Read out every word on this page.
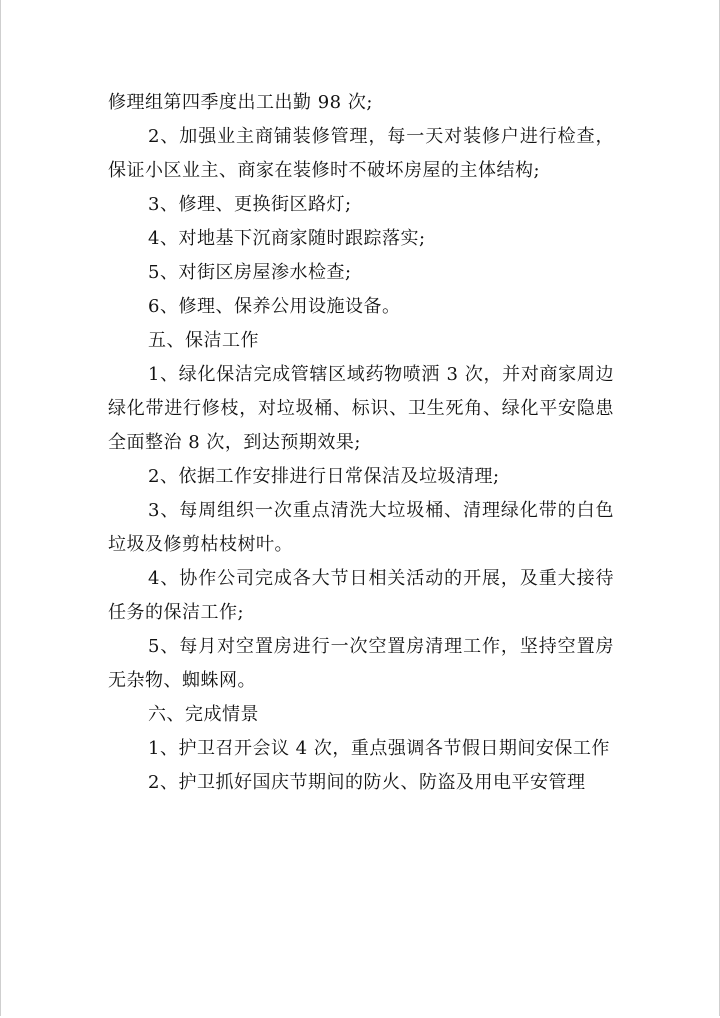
修理组第四季度出工出勤 98 次;

2、加强业主商铺装修管理，每一天对装修户进行检查，保证小区业主、商家在装修时不破坏房屋的主体结构;

3、修理、更换街区路灯;

4、对地基下沉商家随时跟踪落实;

5、对街区房屋渗水检查;

6、修理、保养公用设施设备。

五、保洁工作

1、绿化保洁完成管辖区域药物喷洒 3 次，并对商家周边绿化带进行修枝，对垃圾桶、标识、卫生死角、绿化平安隐患全面整治 8 次，到达预期效果;

2、依据工作安排进行日常保洁及垃圾清理;

3、每周组织一次重点清洗大垃圾桶、清理绿化带的白色垃圾及修剪枯枝树叶。

4、协作公司完成各大节日相关活动的开展，及重大接待任务的保洁工作;

5、每月对空置房进行一次空置房清理工作，坚持空置房无杂物、蜘蛛网。

六、完成情景

1、护卫召开会议 4 次，重点强调各节假日期间安保工作

2、护卫抓好国庆节期间的防火、防盗及用电平安管理
